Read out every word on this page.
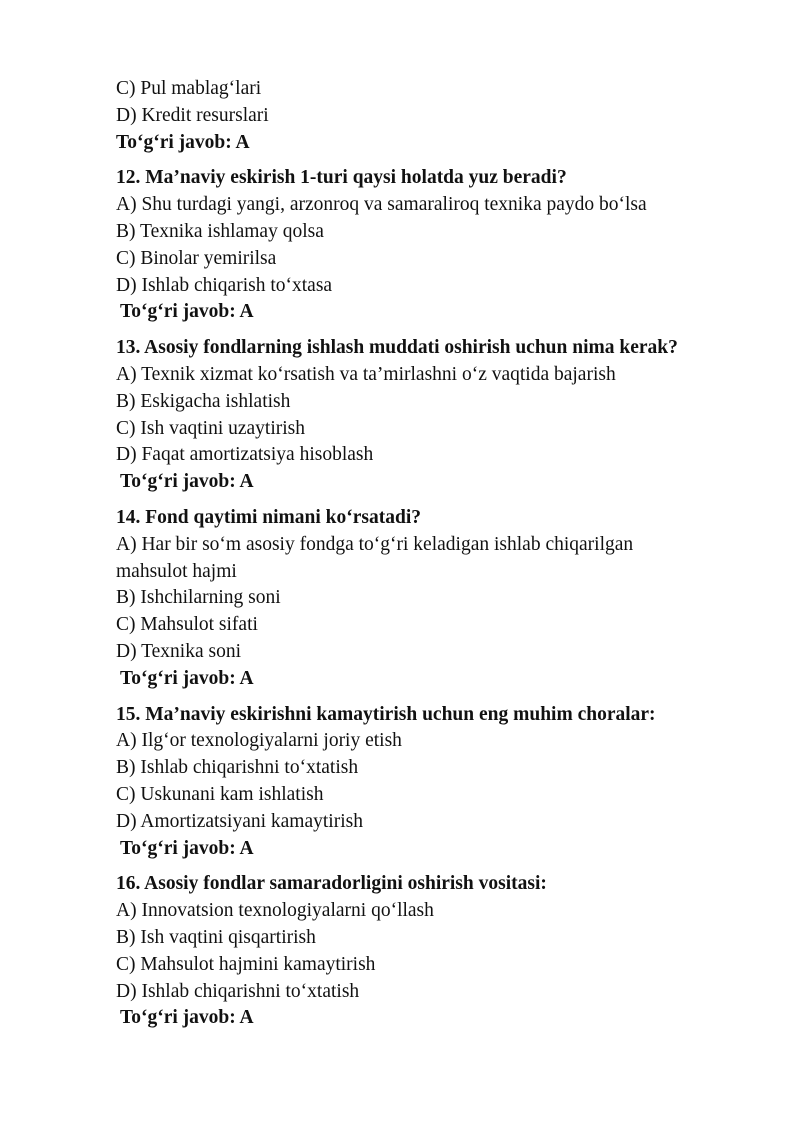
C) Pul mablag‘lari
D) Kredit resurslari
To‘g‘ri javob: A
12. Ma’naviy eskirish 1-turi qaysi holatda yuz beradi?
A) Shu turdagi yangi, arzonroq va samaraliroq texnika paydo bo‘lsa
B) Texnika ishlamay qolsa
C) Binolar yemirilsa
D) Ishlab chiqarish to‘xtasa
To‘g‘ri javob: A
13. Asosiy fondlarning ishlash muddati oshirish uchun nima kerak?
A) Texnik xizmat ko‘rsatish va ta’mirlashni o‘z vaqtida bajarish
B) Eskigacha ishlatish
C) Ish vaqtini uzaytirish
D) Faqat amortizatsiya hisoblash
To‘g‘ri javob: A
14. Fond qaytimi nimani ko‘rsatadi?
A) Har bir so‘m asosiy fondga to‘g‘ri keladigan ishlab chiqarilgan mahsulot hajmi
B) Ishchilarning soni
C) Mahsulot sifati
D) Texnika soni
To‘g‘ri javob: A
15. Ma’naviy eskirishni kamaytirish uchun eng muhim choralar:
A) Ilg‘or texnologiyalarni joriy etish
B) Ishlab chiqarishni to‘xtatish
C) Uskunani kam ishlatish
D) Amortizatsiyani kamaytirish
To‘g‘ri javob: A
16. Asosiy fondlar samaradorligini oshirish vositasi:
A) Innovatsion texnologiyalarni qo‘llash
B) Ish vaqtini qisqartirish
C) Mahsulot hajmini kamaytirish
D) Ishlab chiqarishni to‘xtatish
To‘g‘ri javob: A
